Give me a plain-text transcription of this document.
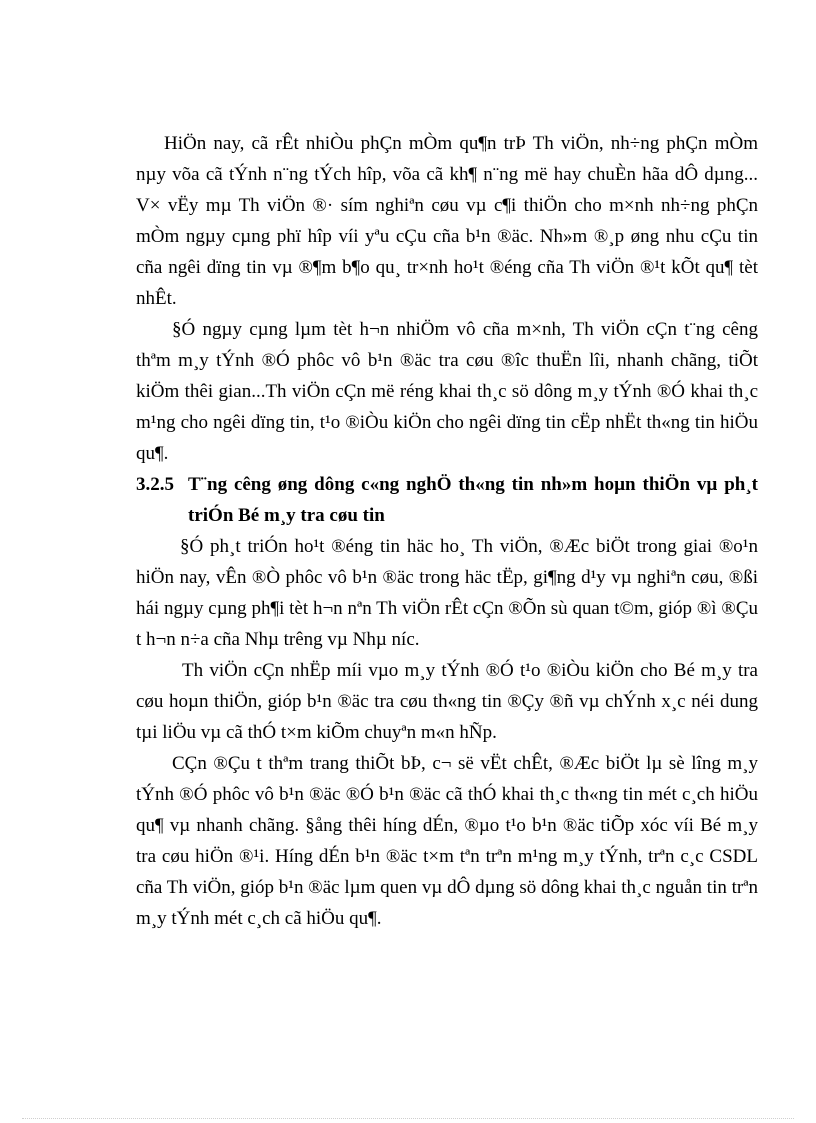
HiÖn nay, cã rÊt nhiÒu phÇn mÒm qu¶n trÞ Th viÖn, nh÷ng phÇn mÒm nµy võa cã tÝnh n¨ng tÝch hîp, võa cã kh¶ n¨ng më hay chuÈn hãa dÔ dµng... V× vËy mµ Th viÖn ®· sím nghiªn cøu vµ c¶i thiÖn cho m×nh nh÷ng phÇn mÒm ngµy cµng phï hîp víi yªu cÇu cña b¹n ®äc. Nh»m ®¸p øng nhu cÇu tin cña ngêi dïng tin vµ ®¶m b¶o qu¸ tr×nh ho¹t ®éng cña Th viÖn ®¹t kÕt qu¶ tèt nhÊt.

§Ó ngµy cµng lµm tèt h¬n nhiÖm vô cña m×nh, Th viÖn cÇn t¨ng cêng thªm m¸y tÝnh ®Ó phôc vô b¹n ®äc tra cøu ®îc thuËn lîi, nhanh chãng, tiÕt kiÖm thêi gian...Th viÖn cÇn më réng khai th¸c sö dông m¸y tÝnh ®Ó khai th¸c m¹ng cho ngêi dïng tin, t¹o ®iÒu kiÖn cho ngêi dïng tin cËp nhËt th«ng tin hiÖu qu¶.

3.2.5 T¨ng cêng øng dông c«ng nghÖ th«ng tin nh»m hoµn thiÖn vµ ph¸t triÓn Bé m¸y tra cøu tin

§Ó ph¸t triÓn ho¹t ®éng tin häc ho¸ Th viÖn, ®Æc biÖt trong giai ®o¹n hiÖn nay, vÊn ®Ò phôc vô b¹n ®äc trong häc tËp, gi¶ng d¹y vµ nghiªn cøu, ®ßi hái ngµy cµng ph¶i tèt h¬n nªn Th viÖn rÊt cÇn ®Õn sù quan t©m, gióp ®ì ®Çu t h¬n n÷a cña Nhµ trêng vµ Nhµ níc.

Th viÖn cÇn nhËp míi vµo m¸y tÝnh ®Ó t¹o ®iÒu kiÖn cho Bé m¸y tra cøu hoµn thiÖn, gióp b¹n ®äc tra cøu th«ng tin ®Çy ®ñ vµ chÝnh x¸c néi dung tµi liÖu vµ cã thÓ t×m kiÕm chuyªn m«n hÑp.

CÇn ®Çu t thªm trang thiÕt bÞ, c¬ së vËt chÊt, ®Æc biÖt lµ sè lîng m¸y tÝnh ®Ó phôc vô b¹n ®äc ®Ó b¹n ®äc cã thÓ khai th¸c th«ng tin mét c¸ch hiÖu qu¶ vµ nhanh chãng. §ång thêi híng dÉn, ®µo t¹o b¹n ®äc tiÕp xóc víi Bé m¸y tra cøu hiÖn ®¹i. Híng dÉn b¹n ®äc t×m tªn trªn m¹ng m¸y tÝnh, trªn c¸c CSDL cña Th viÖn, gióp b¹n ®äc lµm quen vµ dÔ dµng sö dông khai th¸c nguån tin trªn m¸y tÝnh mét c¸ch cã hiÖu qu¶.
